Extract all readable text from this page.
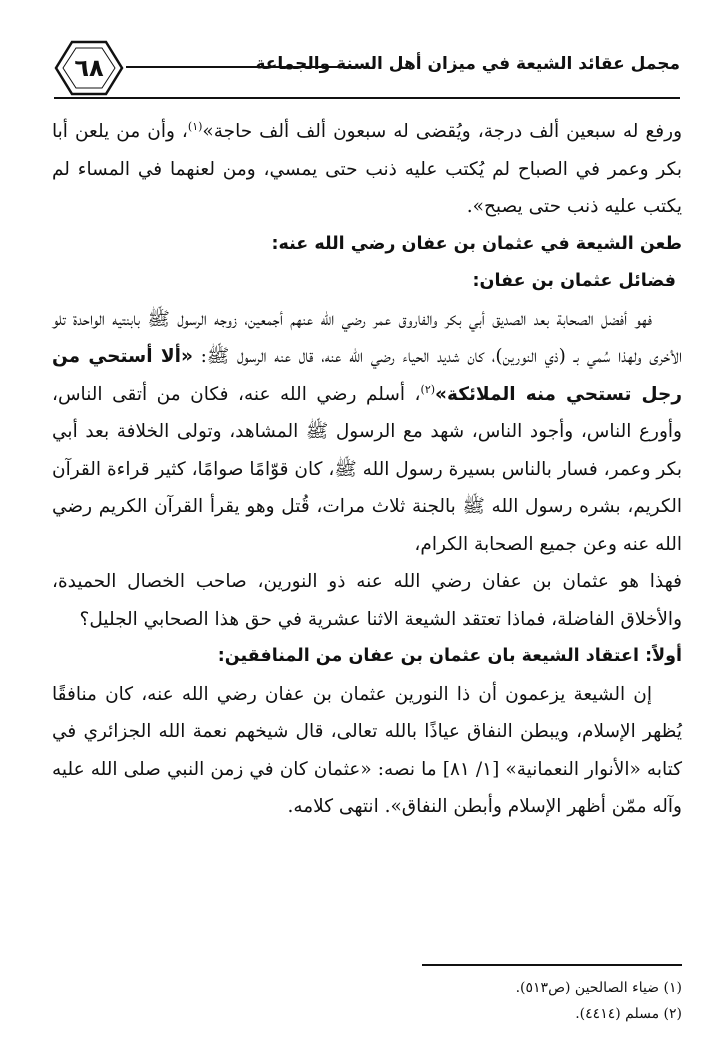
٦٨	مجمل عقائد الشيعة في ميزان أهل السنة والجماعة

ورفع له سبعين ألف درجة، ويُقضى له سبعون ألف ألف حاجة»$^{(١)}$، وأن من يلعن أبا بكر وعمر في الصباح لم يُكتب عليه ذنب حتى يمسي، ومن لعنهما في المساء لم يكتب عليه ذنب حتى يصبح».

طعن الشيعة في عثمان بن عفان رضي الله عنه:

فضائل عثمان بن عفان:

فهو أفضل الصحابة بعد الصديق أبي بكر والفاروق عمر رضي الله عنهم أجمعين، زوجه الرسول ﷺ بابنتيه الواحدة تلو الأخرى ولهذا سُمي بـ (ذي النورين)، كان شديد الحياء رضي الله عنه، قال عنه الرسول ﷺ: «ألا أستحي من رجل تستحي منه الملائكة»$^{(٢)}$، أسلم رضي الله عنه، فكان من أتقى الناس، وأورع الناس، وأجود الناس، شهد مع الرسول ﷺ المشاهد، وتولى الخلافة بعد أبي بكر وعمر، فسار بالناس بسيرة رسول الله ﷺ، كان قوّامًا صوامًا، كثير قراءة القرآن الكريم، بشره رسول الله ﷺ بالجنة ثلاث مرات، قُتل وهو يقرأ القرآن الكريم رضي الله عنه وعن جميع الصحابة الكرام،

فهذا هو عثمان بن عفان رضي الله عنه ذو النورين، صاحب الخصال الحميدة، والأخلاق الفاضلة، فماذا تعتقد الشيعة الاثنا عشرية في حق هذا الصحابي الجليل؟

أولاً: اعتقاد الشيعة بان عثمان بن عفان من المنافقين:

إن الشيعة يزعمون أن ذا النورين عثمان بن عفان رضي الله عنه، كان منافقًا يُظهر الإسلام، ويبطن النفاق عياذًا بالله تعالى، قال شيخهم نعمة الله الجزائري في كتابه «الأنوار النعمانية» [١/ ٨١] ما نصه: «عثمان كان في زمن النبي صلى الله عليه وآله ممّن أظهر الإسلام وأبطن النفاق». انتهى كلامه.

(١) ضياء الصالحين (ص٥١٣).

(٢) مسلم (٤٤١٤).
